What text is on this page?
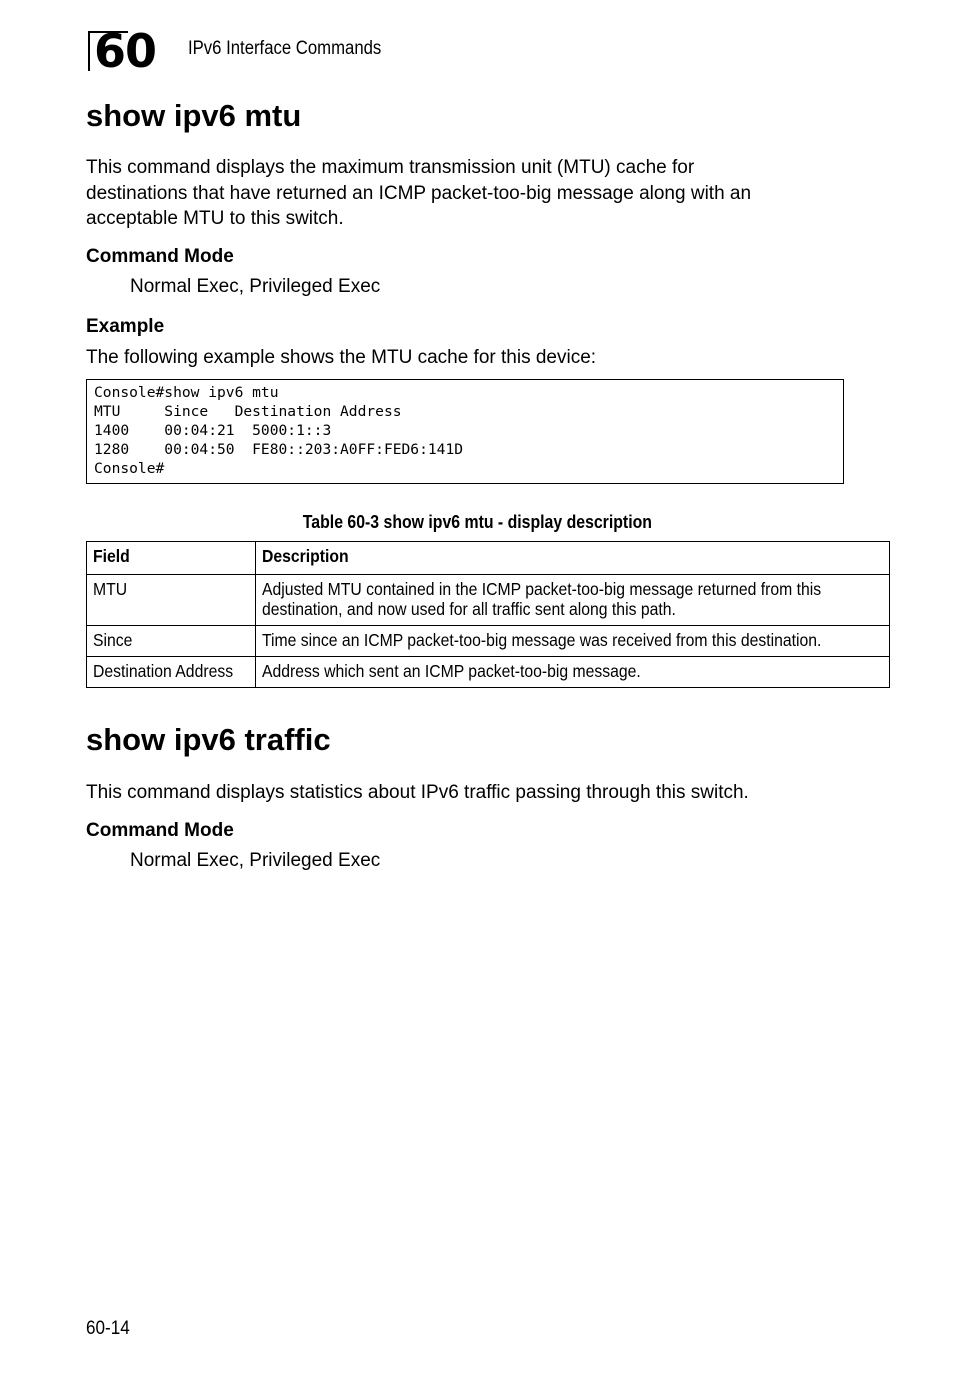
60 IPv6 Interface Commands
show ipv6 mtu
This command displays the maximum transmission unit (MTU) cache for
destinations that have returned an ICMP packet-too-big message along with an
acceptable MTU to this switch.
Command Mode
Normal Exec, Privileged Exec
Example
The following example shows the MTU cache for this device:
Console#show ipv6 mtu
MTU     Since   Destination Address
1400    00:04:21  5000:1::3
1280    00:04:50  FE80::203:A0FF:FED6:141D
Console#
Table 60-3 show ipv6 mtu - display description
Field	Description
MTU	Adjusted MTU contained in the ICMP packet-too-big message returned from this
destination, and now used for all traffic sent along this path.
Since	Time since an ICMP packet-too-big message was received from this destination.
Destination Address	Address which sent an ICMP packet-too-big message.
show ipv6 traffic
This command displays statistics about IPv6 traffic passing through this switch.
Command Mode
Normal Exec, Privileged Exec
60-14
